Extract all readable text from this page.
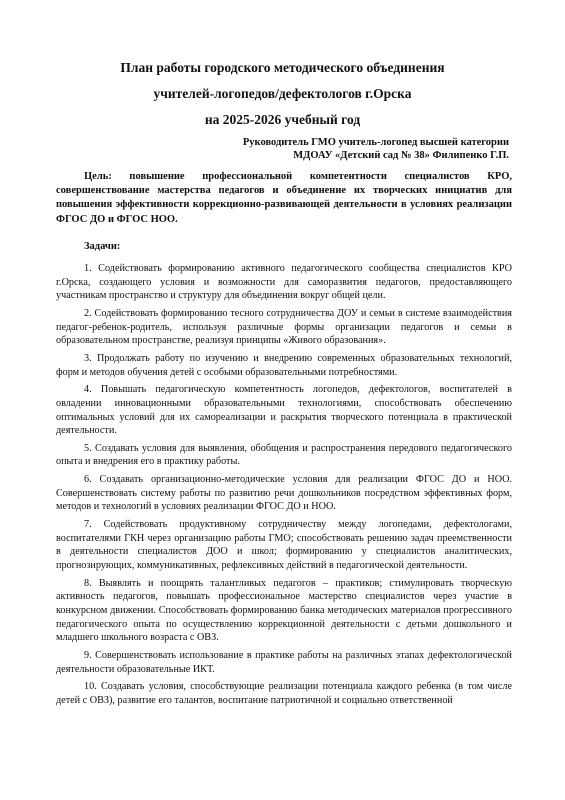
План работы городского методического объединения
учителей-логопедов/дефектологов г.Орска
на 2025-2026 учебный год
Руководитель ГМО учитель-логопед высшей категории
МДОАУ «Детский сад № 38» Филипенко Г.П.
Цель: повышение профессиональной компетентности специалистов КРО, совершенствование мастерства педагогов и объединение их творческих инициатив для повышения эффективности коррекционно-развивающей деятельности в условиях реализации ФГОС ДО и ФГОС НОО.
Задачи:

1. Содействовать формированию активного педагогического сообщества специалистов КРО г.Орска, создающего условия и возможности для саморазвития педагогов, предоставляющего участникам пространство и структуру для объединения вокруг общей цели.

2. Содействовать формированию тесного сотрудничества ДОУ и семьи в системе взаимодействия педагог-ребенок-родитель, используя различные формы организации педагогов и семьи в образовательном пространстве, реализуя принципы «Живого образования».

3. Продолжать работу по изучению и внедрению современных образовательных технологий, форм и методов обучения детей с особыми образовательными потребностями.

4. Повышать педагогическую компетентность логопедов, дефектологов, воспитателей в овладении инновационными образовательными технологиями, способствовать обеспечению оптимальных условий для их самореализации и раскрытия творческого потенциала в практической деятельности.

5. Создавать условия для выявления, обобщения и распространения передового педагогического опыта и внедрения его в практику работы.

6. Создавать организационно-методические условия для реализации ФГОС ДО и НОО. Совершенствовать систему работы по развитию речи дошкольников посредством эффективных форм, методов и технологий в условиях реализации ФГОС ДО и НОО.

7. Содействовать продуктивному сотрудничеству между логопедами, дефектологами, воспитателями ГКН через организацию работы ГМО; способствовать решению задач преемственности в деятельности специалистов ДОО и школ; формированию у специалистов аналитических, прогнозирующих, коммуникативных, рефлексивных действий в педагогической деятельности.

8. Выявлять и поощрять талантливых педагогов – практиков; стимулировать творческую активность педагогов, повышать профессиональное мастерство специалистов через участие в конкурсном движении. Способствовать формированию банка методических материалов прогрессивного педагогического опыта по осуществлению коррекционной деятельности с детьми дошкольного и младшего школьного возраста с ОВЗ.

9. Совершенствовать использование в практике работы на различных этапах дефектологической деятельности образовательные ИКТ.

10. Создавать условия, способствующие реализации потенциала каждого ребенка (в том числе детей с ОВЗ), развитие его талантов, воспитание патриотичной и социально ответственной
